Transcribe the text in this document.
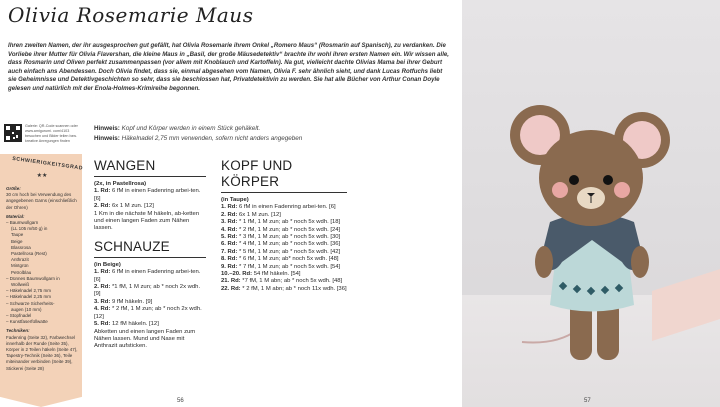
Olivia Rosemarie Maus
Ihren zweiten Namen, der ihr ausgesprochen gut gefällt, hat Olivia Rosemarie ihrem Onkel „Romero Maus“ (Rosmarin auf Spanisch), zu verdanken. Die Vorliebe ihrer Mutter für Olivia Flavershan, die kleine Maus in „Basil, der große Mäusedetektiv“ brachte ihr wohl ihren ersten Namen ein. Wir wissen alle, dass Rosmarin und Oliven perfekt zusammenpassen (vor allem mit Knoblauch und Kartoffeln). Na gut, vielleicht dachte Olivias Mama bei ihrer Geburt auch einfach ans Abendessen. Doch Olivia findet, dass sie, einmal abgesehen vom Namen, Olivia F. sehr ähnlich sieht, und dank Lucas Rotfuchs liebt sie Geheimnisse und Detektivgeschichten so sehr, dass sie beschlossen hat, Privatdetektivin zu werden. Sie hat alle Bücher von Arthur Conan Doyle gelesen und natürlich mit der Enola-Holmes-Krimireihe begonnen.
Galerie: QR-Code scannen oder www.amigurumi. com/4103 besuchen und Bilder teilen bzw. kreative Anregungen finden
SCHWIERIGKEITSGRAD
★★
Größe:
30 cm hoch bei Verwendung des angegebenen Garns (einschließlich der Ohren)
Material:
– Baumwollgarn
(LL 105 m/50 g) in
Taupe
Beige
Blassrosa
Pastellrosa (Rest)
Anthrazit
Mintgrün
Petrolblau
– Dünnes Baumwollgarn in
Wollweiß
– Häkelnadel 2,75 mm
– Häkelnadel 2,25 mm
– Schwarze Sicherheits-
augen (10 mm)
– Stopfnadel
– Kunstfaserfüllwatte
Techniken:
Fadenring (Seite 32), Farbwechsel innerhalb der Runde (Seite 35), Körper in 2 Teilen häkeln (Seite 47), Tapestry-Technik (Seite 36), Teile miteinander verbinden (Seite 39), Stickerei (Seite 28)
Hinweis: Kopf und Körper werden in einem Stück gehäkelt.
Hinweis: Häkelnadel 2,75 mm verwenden, sofern nicht anders angegeben
WANGEN
(2x, in Pastellrosa)
1. Rd: 6 fM in einen Fadenring arbei-ten. [6]
2. Rd: 6x 1 M zun. [12]
1 Km in die nächste M häkeln, ab-ketten und einen langen Faden zum Nähen lassen.
SCHNAUZE
(in Beige)
1. Rd: 6 fM in einen Fadenring arbei-ten. [6]
2. Rd: *1 fM, 1 M zun; ab * noch 2x wdh. [9]
3. Rd: 9 fM häkeln. [9]
4. Rd: * 2 fM, 1 M zun; ab * noch 2x wdh. [12]
5. Rd: 12 fM häkeln. [12]
Abketten und einen langen Faden zum Nähen lassen. Mund und Nase mit Anthrazit aufsticken.
KOPF UND KÖRPER
(in Taupe)
1. Rd: 6 fM in einen Fadenring arbei-ten. [6]
2. Rd: 6x 1 M zun. [12]
3. Rd: * 1 fM, 1 M zun; ab * noch 5x wdh. [18]
4. Rd: * 2 fM, 1 M zun; ab * noch 5x wdh. [24]
5. Rd: * 3 fM, 1 M zun; ab * noch 5x wdh. [30]
6. Rd: * 4 fM, 1 M zun; ab * noch 5x wdh. [36]
7. Rd: * 5 fM, 1 M zun; ab * noch 5x wdh. [42]
8. Rd: * 6 fM, 1 M zun; ab* noch 5x wdh. [48]
9. Rd: * 7 fM, 1 M zun; ab * noch 5x wdh. [54]
10.–20. Rd: 54 fM häkeln. [54]
21. Rd: *7 fM, 1 M abn; ab * noch 5x wdh. [48]
22. Rd: * 2 fM, 1 M abn; ab * noch 11x wdh. [36]
56	57
